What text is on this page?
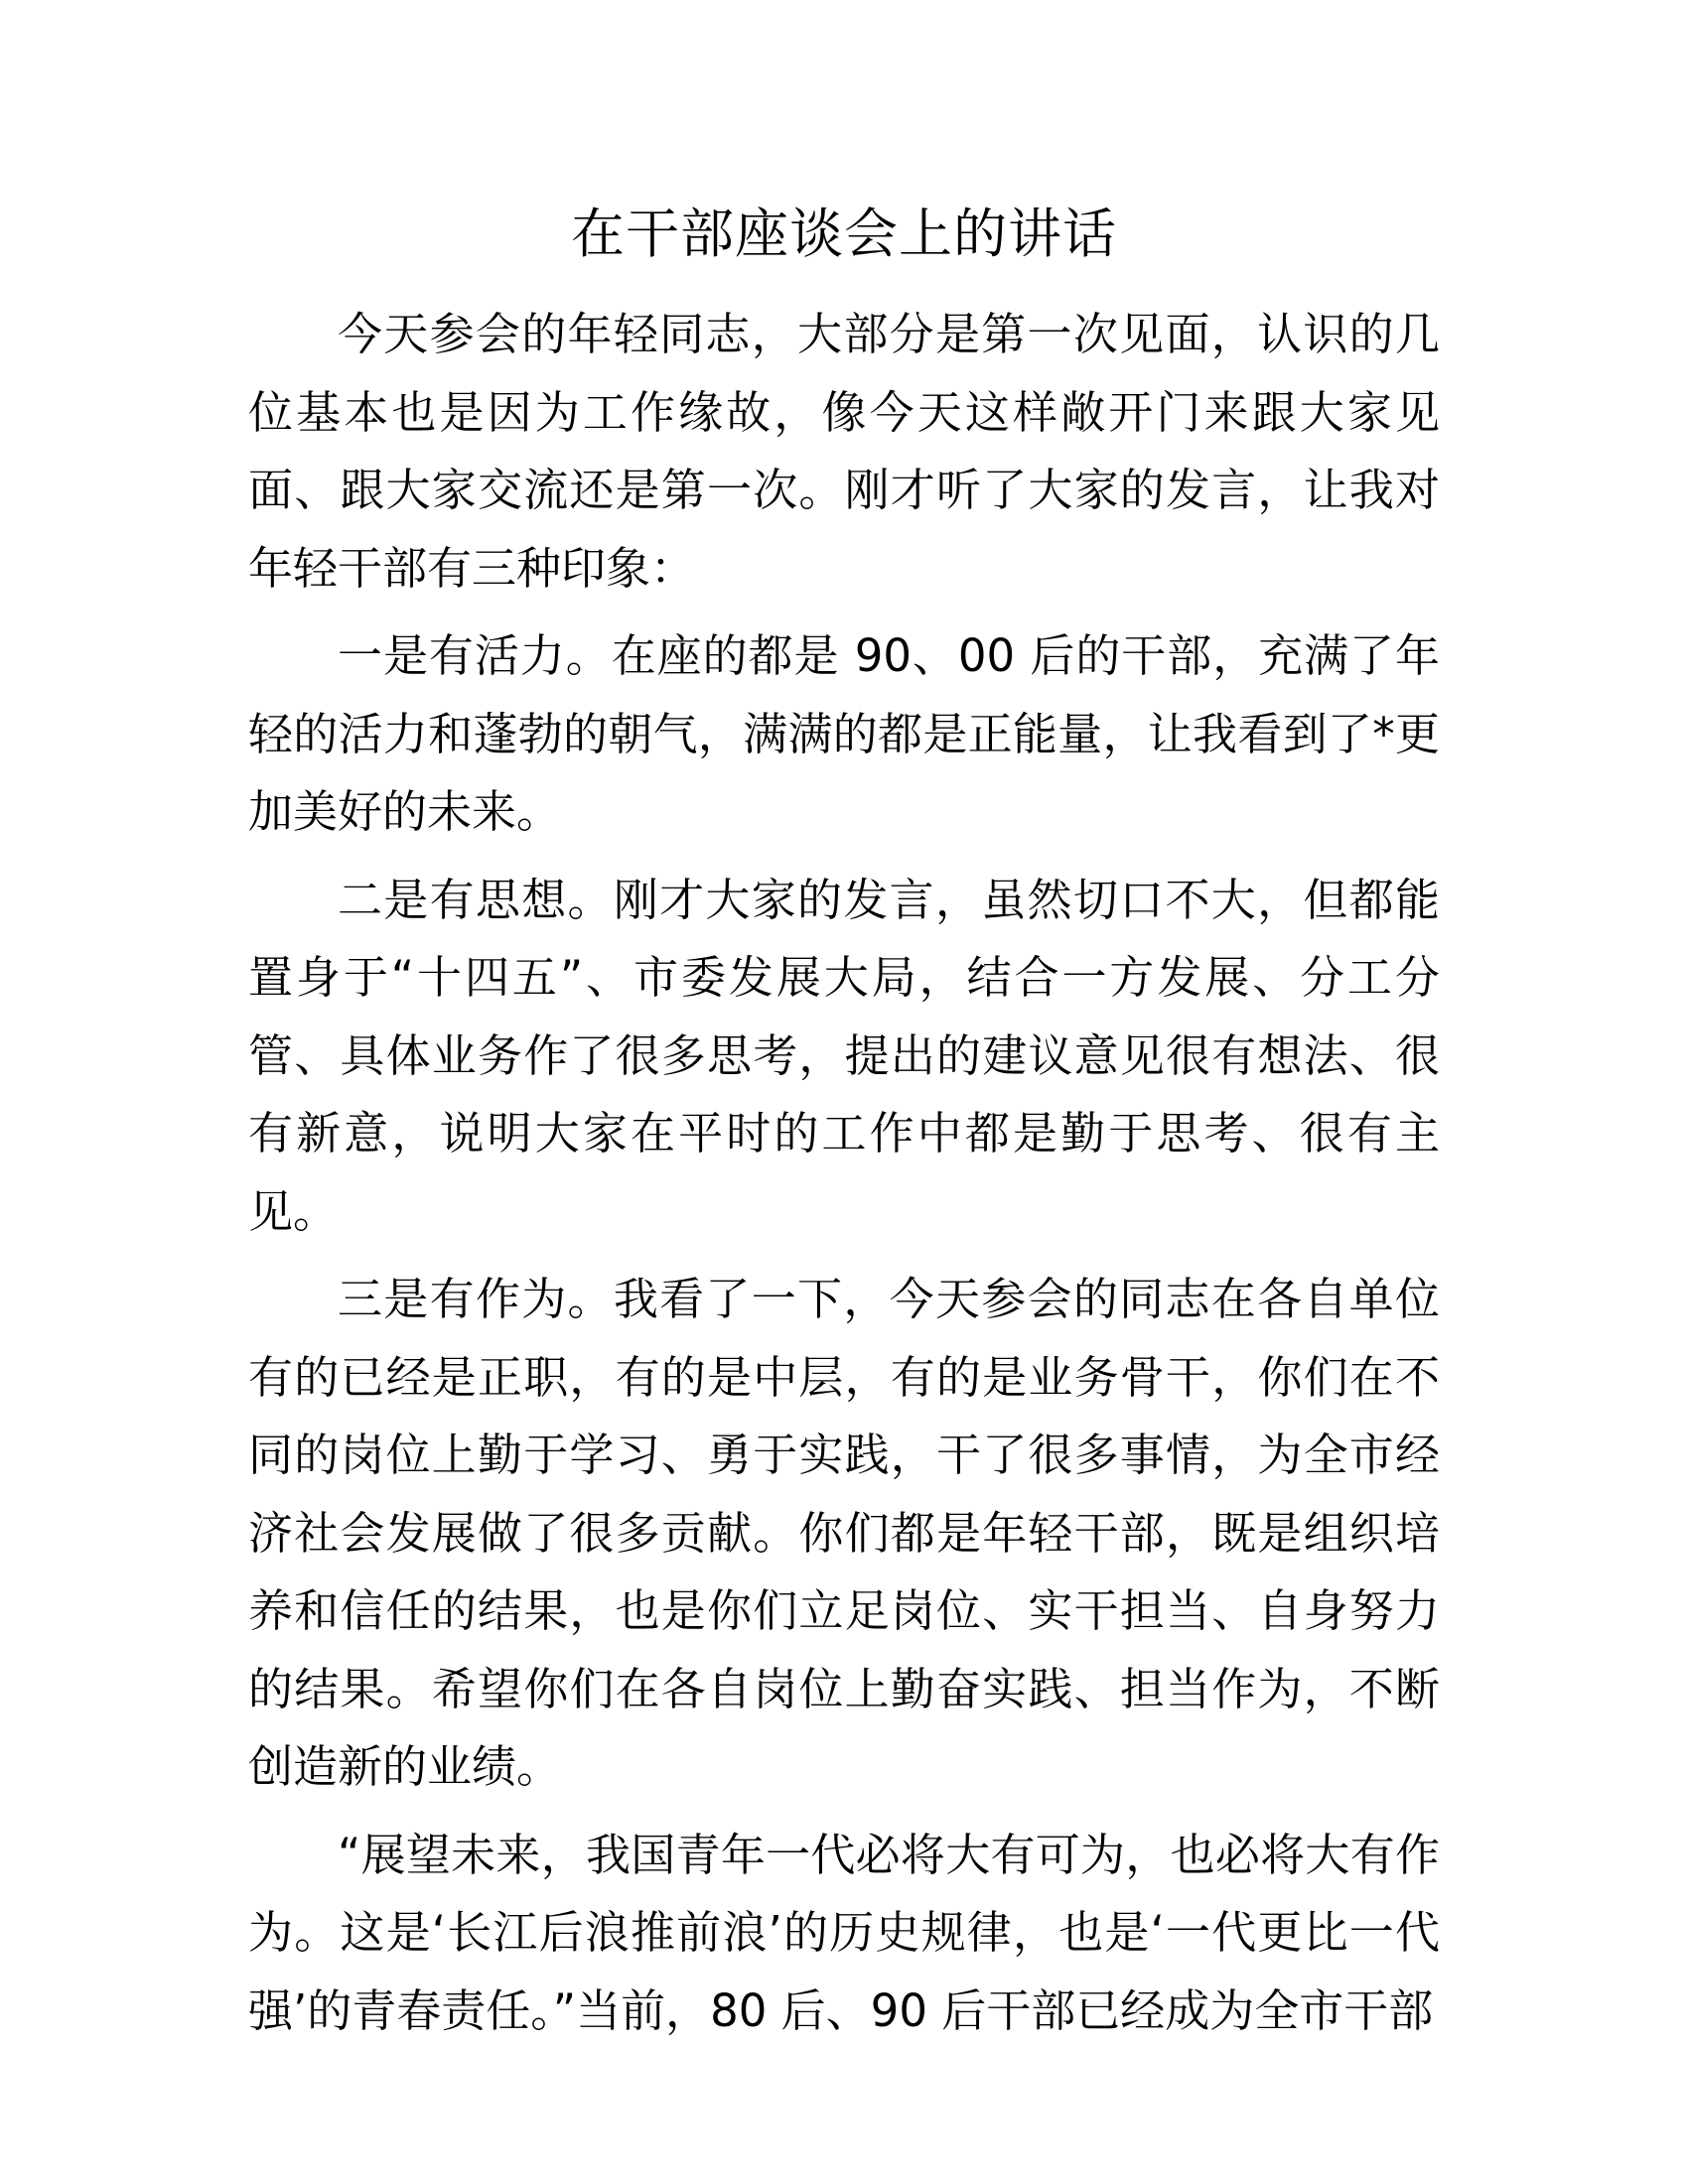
在干部座谈会上的讲话

今天参会的年轻同志，大部分是第一次见面，认识的几位基本也是因为工作缘故，像今天这样敞开门来跟大家见面、跟大家交流还是第一次。刚才听了大家的发言，让我对年轻干部有三种印象：

一是有活力。在座的都是 90、00 后的干部，充满了年轻的活力和蓬勃的朝气，满满的都是正能量，让我看到了*更加美好的未来。

二是有思想。刚才大家的发言，虽然切口不大，但都能置身于“十四五”、市委发展大局，结合一方发展、分工分管、具体业务作了很多思考，提出的建议意见很有想法、很有新意，说明大家在平时的工作中都是勤于思考、很有主见。

三是有作为。我看了一下，今天参会的同志在各自单位有的已经是正职，有的是中层，有的是业务骨干，你们在不同的岗位上勤于学习、勇于实践，干了很多事情，为全市经济社会发展做了很多贡献。你们都是年轻干部，既是组织培养和信任的结果，也是你们立足岗位、实干担当、自身努力的结果。希望你们在各自岗位上勤奋实践、担当作为，不断创造新的业绩。

“展望未来，我国青年一代必将大有可为，也必将大有作为。这是‘长江后浪推前浪’的历史规律，也是‘一代更比一代强’的青春责任。”当前，80 后、90 后干部已经成为全市干部
